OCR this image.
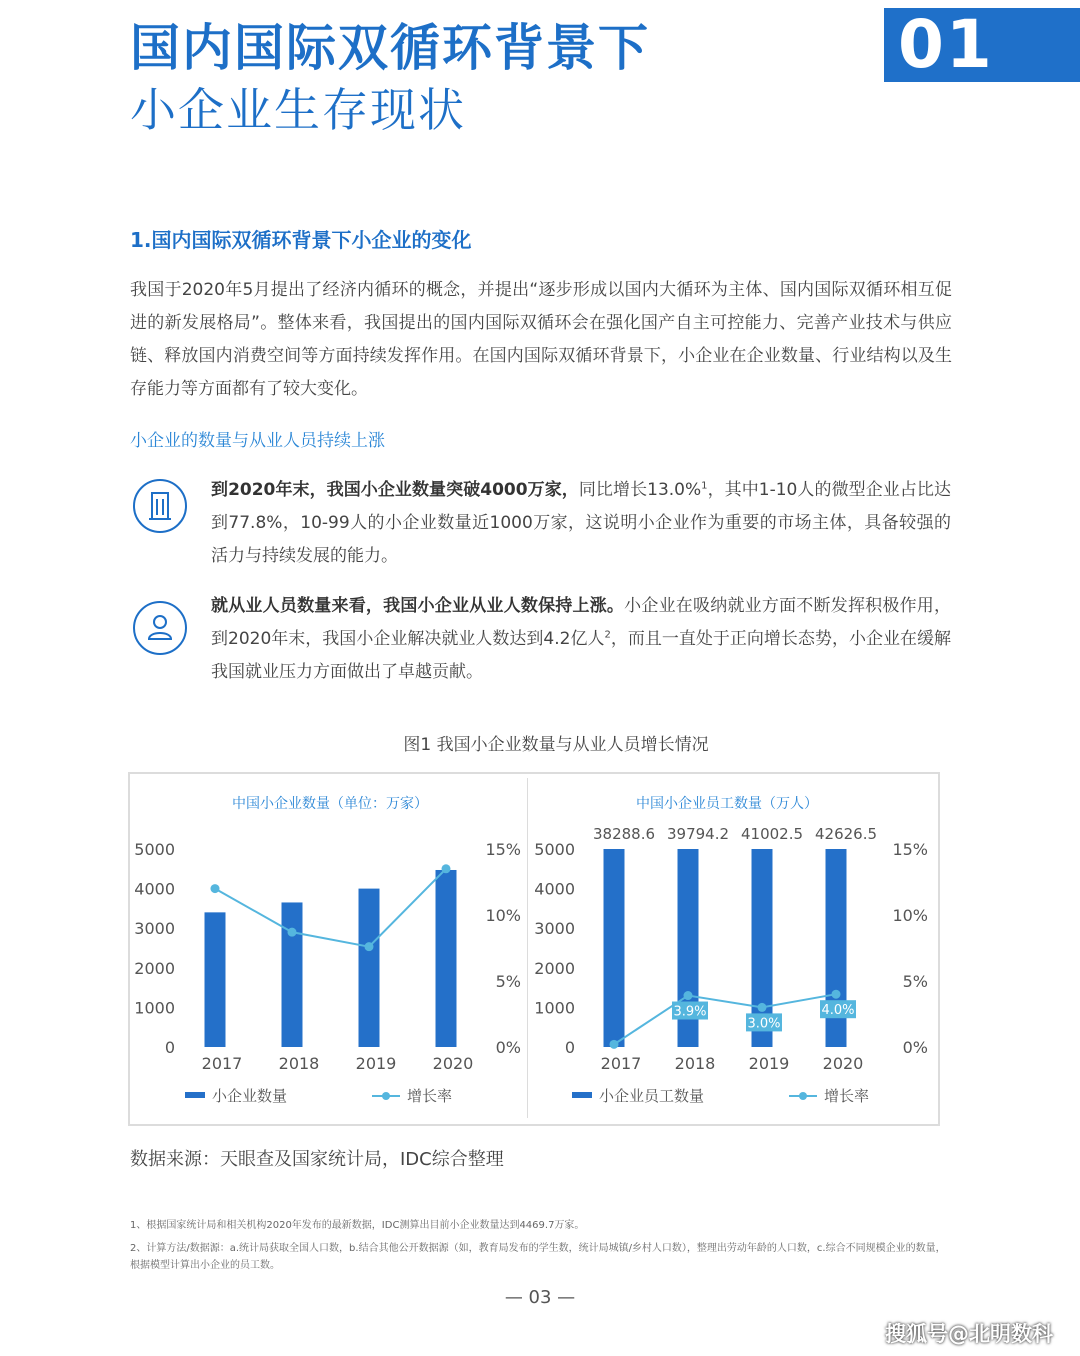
国内国际双循环背景下
小企业生存现状
01
1.国内国际双循环背景下小企业的变化
我国于2020年5月提出了经济内循环的概念，并提出“逐步形成以国内大循环为主体、国内国际双循环相互促进的新发展格局”。整体来看，我国提出的国内国际双循环会在强化国产自主可控能力、完善产业技术与供应链、释放国内消费空间等方面持续发挥作用。在国内国际双循环背景下，小企业在企业数量、行业结构以及生存能力等方面都有了较大变化。
小企业的数量与从业人员持续上涨
到2020年末，我国小企业数量突破4000万家，同比增长13.0%$^1$，其中1-10人的微型企业占比达到77.8%，10-99人的小企业数量近1000万家，这说明小企业作为重要的市场主体，具备较强的活力与持续发展的能力。
就从业人员数量来看，我国小企业从业人数保持上涨。小企业在吸纳就业方面不断发挥积极作用，到2020年末，我国小企业解决就业人数达到4.2亿人$^2$，而且一直处于正向增长态势，小企业在缓解我国就业压力方面做出了卓越贡献。
图1 我国小企业数量与从业人员增长情况
中国小企业数量（单位：万家）
0
1000
2000
3000
4000
5000
0%
5%
10%
15%
2017 2018 2019 2020
小企业数量	增长率
中国小企业员工数量（万人）
0
1000
2000
3000
4000
5000
0%
5%
10%
15%
2017
38288.6
2018
39794.2
2019
41002.5
2020
42626.5
3.9%
3.0%
4.0%
小企业员工数量	增长率
数据来源：天眼查及国家统计局，IDC综合整理
1、根据国家统计局和相关机构2020年发布的最新数据，IDC测算出目前小企业数量达到4469.7万家。
2、计算方法/数据源：a.统计局获取全国人口数，b.结合其他公开数据源（如，教育局发布的学生数，统计局城镇/乡村人口数），整理出劳动年龄的人口数，c.综合不同规模企业的数量，根据模型计算出小企业的员工数。
— 03 —
搜狐号@北明数科
